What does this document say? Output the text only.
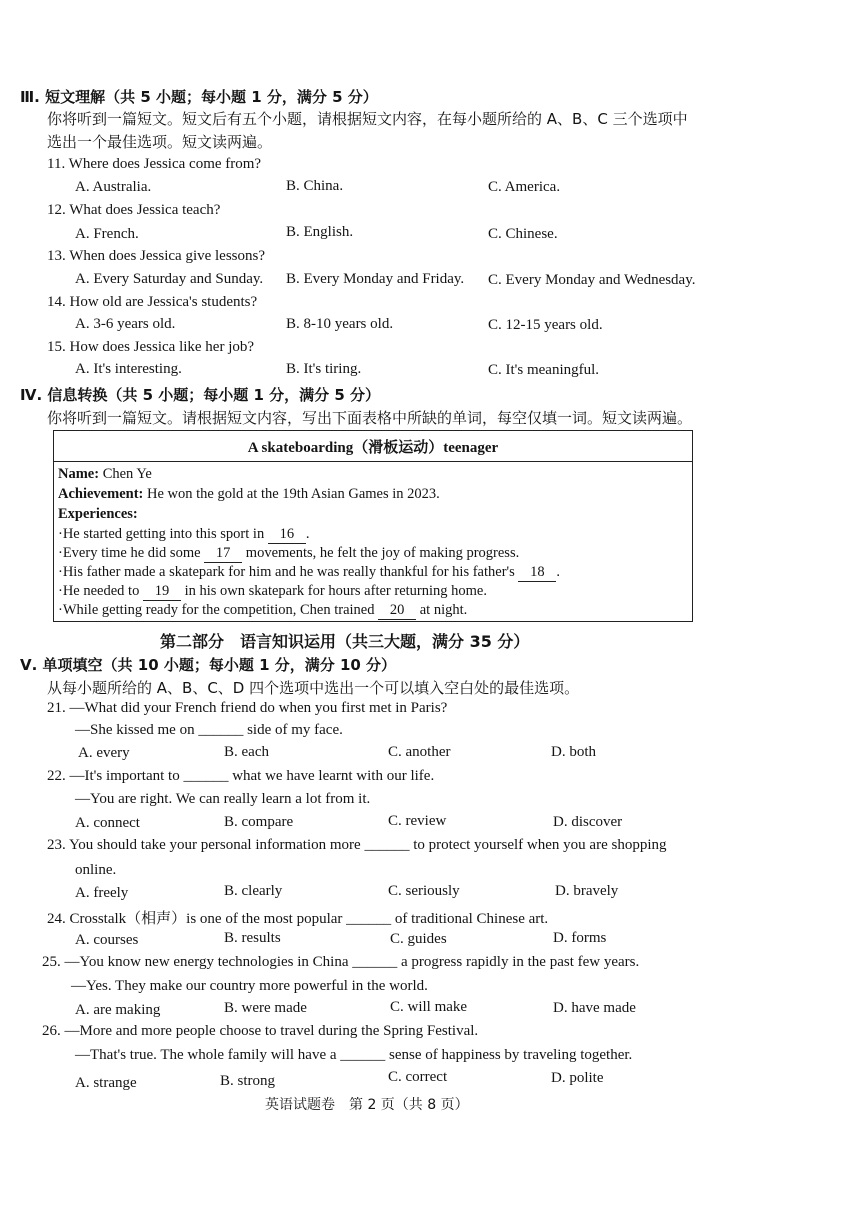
Ⅲ. 短文理解（共 5 小题；每小题 1 分，满分 5 分）
你将听到一篇短文。短文后有五个小题，请根据短文内容，在每小题所给的 A、B、C 三个选项中
选出一个最佳选项。短文读两遍。
11. Where does Jessica come from?
A. Australia.	B. China.	C. America.
12. What does Jessica teach?
A. French.	B. English.	C. Chinese.
13. When does Jessica give lessons?
A. Every Saturday and Sunday. B. Every Monday and Friday. C. Every Monday and Wednesday.
14. How old are Jessica's students?
A. 3-6 years old.	B. 8-10 years old.	C. 12-15 years old.
15. How does Jessica like her job?
A. It's interesting.	B. It's tiring.	C. It's meaningful.
Ⅳ. 信息转换（共 5 小题；每小题 1 分，满分 5 分）
你将听到一篇短文。请根据短文内容，写出下面表格中所缺的单词，每空仅填一词。短文读两遍。
A skateboarding（滑板运动）teenager
Name: Chen Ye
Achievement: He won the gold at the 19th Asian Games in 2023.
Experiences:
·He started getting into this sport in 16 .
·Every time he did some 17 movements, he felt the joy of making progress.
·His father made a skatepark for him and he was really thankful for his father's 18 .
·He needed to 19 in his own skatepark for hours after returning home.
·While getting ready for the competition, Chen trained 20 at night.
第二部分　语言知识运用（共三大题，满分 35 分）
Ⅴ. 单项填空（共 10 小题；每小题 1 分，满分 10 分）
从每小题所给的 A、B、C、D 四个选项中选出一个可以填入空白处的最佳选项。
21. —What did your French friend do when you first met in Paris?
—She kissed me on ______ side of my face.
A. every	B. each	C. another	D. both
22. —It's important to ______ what we have learnt with our life.
—You are right. We can really learn a lot from it.
A. connect	B. compare	C. review	D. discover
23. You should take your personal information more ______ to protect yourself when you are shopping
online.
A. freely	B. clearly	C. seriously	D. bravely
24. Crosstalk（相声）is one of the most popular ______ of traditional Chinese art.
A. courses	B. results	C. guides	D. forms
25. —You know new energy technologies in China ______ a progress rapidly in the past few years.
—Yes. They make our country more powerful in the world.
A. are making	B. were made	C. will make	D. have made
26. —More and more people choose to travel during the Spring Festival.
—That's true. The whole family will have a ______ sense of happiness by traveling together.
A. strange	B. strong	C. correct	D. polite
英语试题卷　第 2 页（共 8 页）
